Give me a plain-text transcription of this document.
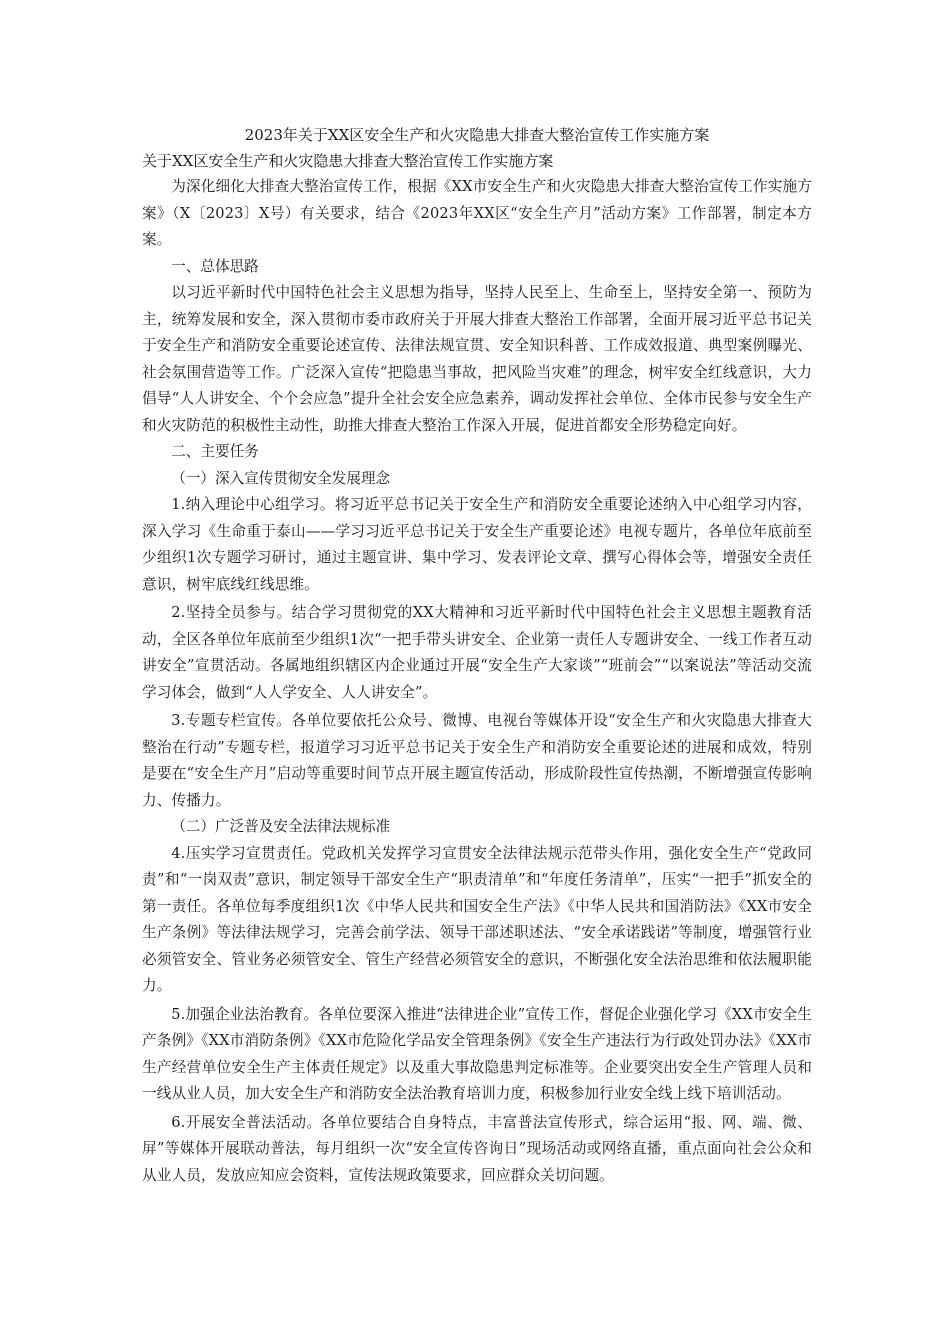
2023年关于XX区安全生产和火灾隐患大排查大整治宣传工作实施方案
关于XX区安全生产和火灾隐患大排查大整治宣传工作实施方案

为深化细化大排查大整治宣传工作，根据《XX市安全生产和火灾隐患大排查大整治宣传工作实施方案》（X〔2023〕X号）有关要求，结合《2023年XX区“安全生产月”活动方案》工作部署，制定本方案。

一、总体思路

以习近平新时代中国特色社会主义思想为指导，坚持人民至上、生命至上，坚持安全第一、预防为主，统筹发展和安全，深入贯彻市委市政府关于开展大排查大整治工作部署，全面开展习近平总书记关于安全生产和消防安全重要论述宣传、法律法规宣贯、安全知识科普、工作成效报道、典型案例曝光、社会氛围营造等工作。广泛深入宣传“把隐患当事故，把风险当灾难”的理念，树牢安全红线意识，大力倡导“人人讲安全、个个会应急”提升全社会安全应急素养，调动发挥社会单位、全体市民参与安全生产和火灾防范的积极性主动性，助推大排查大整治工作深入开展，促进首都安全形势稳定向好。

二、主要任务

（一）深入宣传贯彻安全发展理念

1.纳入理论中心组学习。将习近平总书记关于安全生产和消防安全重要论述纳入中心组学习内容，深入学习《生命重于泰山——学习习近平总书记关于安全生产重要论述》电视专题片，各单位年底前至少组织1次专题学习研讨，通过主题宣讲、集中学习、发表评论文章、撰写心得体会等，增强安全责任意识，树牢底线红线思维。

2.坚持全员参与。结合学习贯彻党的XX大精神和习近平新时代中国特色社会主义思想主题教育活动，全区各单位年底前至少组织1次“一把手带头讲安全、企业第一责任人专题讲安全、一线工作者互动讲安全”宣贯活动。各属地组织辖区内企业通过开展“安全生产大家谈”“班前会”“以案说法”等活动交流学习体会，做到“人人学安全、人人讲安全”。

3.专题专栏宣传。各单位要依托公众号、微博、电视台等媒体开设“安全生产和火灾隐患大排查大整治在行动”专题专栏，报道学习习近平总书记关于安全生产和消防安全重要论述的进展和成效，特别是要在“安全生产月”启动等重要时间节点开展主题宣传活动，形成阶段性宣传热潮，不断增强宣传影响力、传播力。

（二）广泛普及安全法律法规标准

4.压实学习宣贯责任。党政机关发挥学习宣贯安全法律法规示范带头作用，强化安全生产“党政同责”和“一岗双责”意识，制定领导干部安全生产“职责清单”和“年度任务清单”，压实“一把手”抓安全的第一责任。各单位每季度组织1次《中华人民共和国安全生产法》《中华人民共和国消防法》《XX市安全生产条例》等法律法规学习，完善会前学法、领导干部述职述法、“安全承诺践诺”等制度，增强管行业必须管安全、管业务必须管安全、管生产经营必须管安全的意识，不断强化安全法治思维和依法履职能力。

5.加强企业法治教育。各单位要深入推进“法律进企业”宣传工作，督促企业强化学习《XX市安全生产条例》《XX市消防条例》《XX市危险化学品安全管理条例》《安全生产违法行为行政处罚办法》《XX市生产经营单位安全生产主体责任规定》以及重大事故隐患判定标准等。企业要突出安全生产管理人员和一线从业人员，加大安全生产和消防安全法治教育培训力度，积极参加行业安全线上线下培训活动。

6.开展安全普法活动。各单位要结合自身特点，丰富普法宣传形式，综合运用“报、网、端、微、屏”等媒体开展联动普法，每月组织一次“安全宣传咨询日”现场活动或网络直播，重点面向社会公众和从业人员，发放应知应会资料，宣传法规政策要求，回应群众关切问题。
